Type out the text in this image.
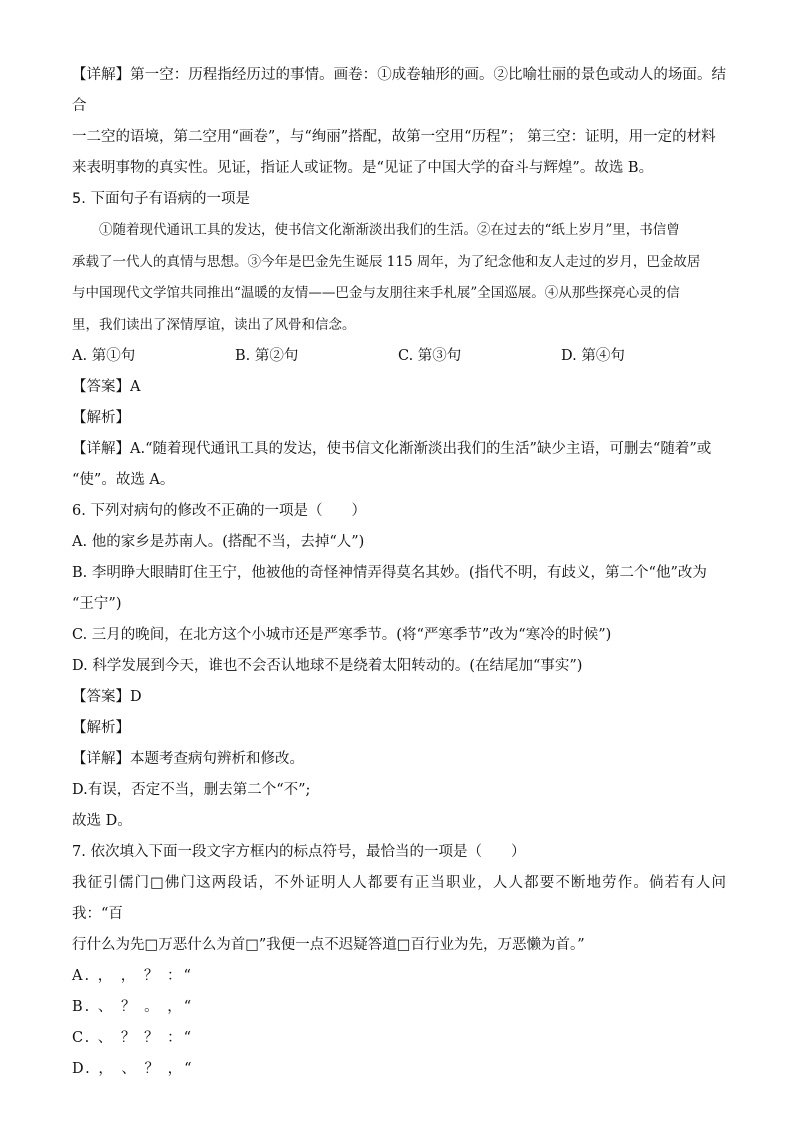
【详解】第一空：历程指经历过的事情。画卷：①成卷轴形的画。②比喻壮丽的景色或动人的场面。结合

一二空的语境，第二空用“画卷”，与“绚丽”搭配，故第一空用“历程”； 第三空：证明，用一定的材料

来表明事物的真实性。见证，指证人或证物。是“见证了中国大学的奋斗与辉煌”。故选 B。

5. 下面句子有语病的一项是

①随着现代通讯工具的发达，使书信文化渐渐淡出我们的生活。②在过去的“纸上岁月”里，书信曾

承载了一代人的真情与思想。③今年是巴金先生诞辰 115 周年，为了纪念他和友人走过的岁月，巴金故居

与中国现代文学馆共同推出“温暖的友情——巴金与友朋往来手札展”全国巡展。④从那些探亮心灵的信

里，我们读出了深情厚谊，读出了风骨和信念。

A. 第①句	B. 第②句	C. 第③句	D. 第④句

【答案】A

【解析】

【详解】A.“随着现代通讯工具的发达，使书信文化渐渐淡出我们的生活”缺少主语，可删去“随着”或

“使”。故选 A。

6. 下列对病句的修改不正确的一项是（　　）

A. 他的家乡是苏南人。(搭配不当，去掉“人”)

B. 李明睁大眼睛盯住王宁，他被他的奇怪神情弄得莫名其妙。(指代不明，有歧义，第二个“他”改为

“王宁”)

C. 三月的晚间，在北方这个小城市还是严寒季节。(将“严寒季节”改为“寒冷的时候”)

D. 科学发展到今天，谁也不会否认地球不是绕着太阳转动的。(在结尾加“事实”)

【答案】D

【解析】

【详解】本题考查病句辨析和修改。

D.有误，否定不当，删去第二个“不”;

故选 D。

7. 依次填入下面一段文字方框内的标点符号，最恰当的一项是（　　）

我征引儒门□佛门这两段话，不外证明人人都要有正当职业，人人都要不断地劳作。倘若有人问我：“百

行什么为先□万恶什么为首□”我便一点不迟疑答道□百行业为先，万恶懒为首。”

A. ， ， ？ ：“

B. 、 ？ 。 ，“

C. 、 ？ ？ ：“

D. ， 、 ？ ，“
